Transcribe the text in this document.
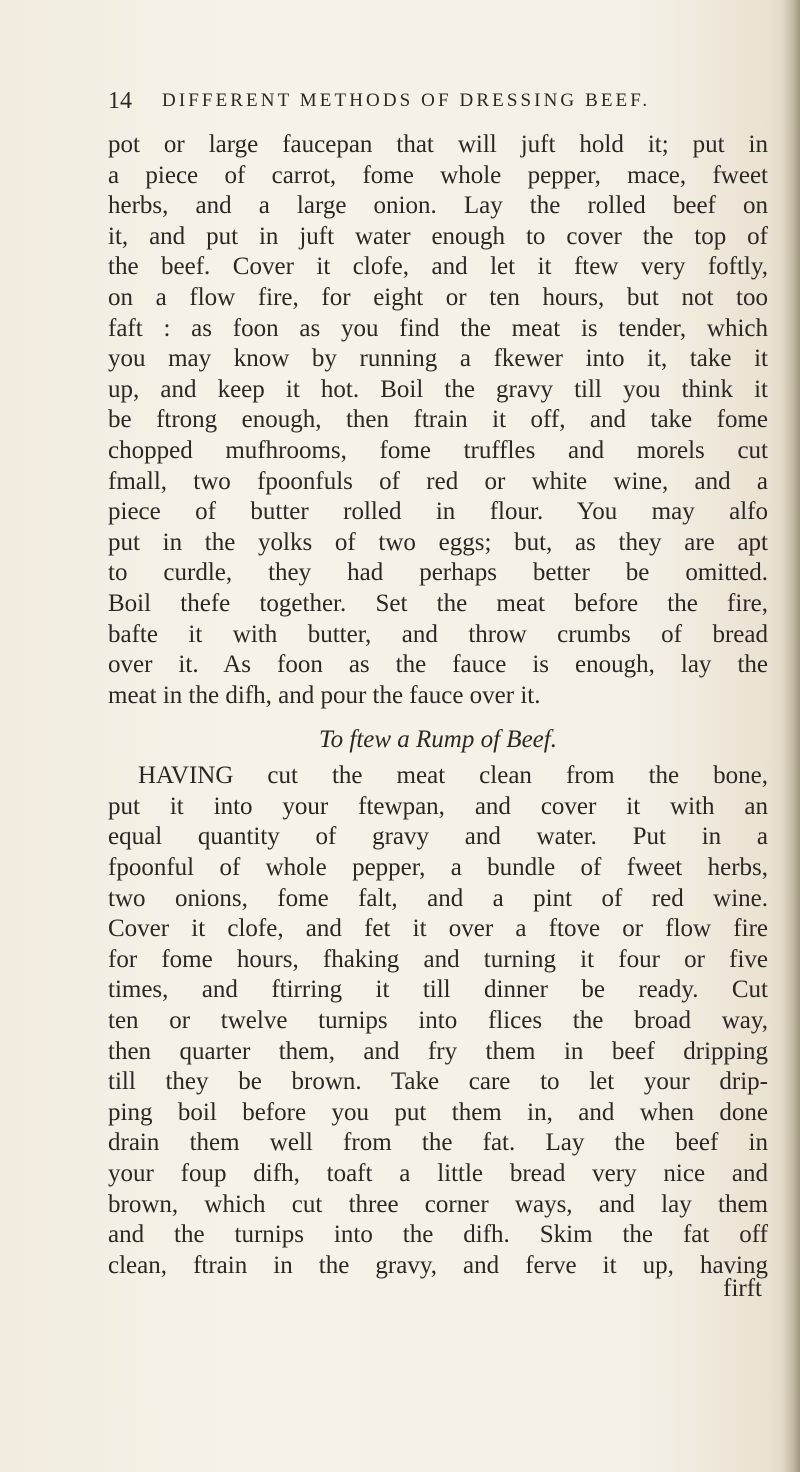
14 DIFFERENT METHODS OF DRESSING BEEF.
pot or large faucepan that will juft hold it; put in
a piece of carrot, fome whole pepper, mace, fweet
herbs, and a large onion. Lay the rolled beef on
it, and put in juft water enough to cover the top of
the beef. Cover it clofe, and let it ftew very foftly,
on a flow fire, for eight or ten hours, but not too
faft : as foon as you find the meat is tender, which
you may know by running a fkewer into it, take it
up, and keep it hot. Boil the gravy till you think it
be ftrong enough, then ftrain it off, and take fome
chopped mufhrooms, fome truffles and morels cut
fmall, two fpoonfuls of red or white wine, and a
piece of butter rolled in flour. You may alfo
put in the yolks of two eggs; but, as they are apt
to curdle, they had perhaps better be omitted.
Boil thefe together. Set the meat before the fire,
bafte it with butter, and throw crumbs of bread
over it. As foon as the fauce is enough, lay the
meat in the difh, and pour the fauce over it.
To ftew a Rump of Beef.
HAVING cut the meat clean from the bone,
put it into your ftewpan, and cover it with an
equal quantity of gravy and water. Put in a
fpoonful of whole pepper, a bundle of fweet herbs,
two onions, fome falt, and a pint of red wine.
Cover it clofe, and fet it over a ftove or flow fire
for fome hours, fhaking and turning it four or five
times, and ftirring it till dinner be ready. Cut
ten or twelve turnips into flices the broad way,
then quarter them, and fry them in beef dripping
till they be brown. Take care to let your drip-
ping boil before you put them in, and when done
drain them well from the fat. Lay the beef in
your foup difh, toaft a little bread very nice and
brown, which cut three corner ways, and lay them
and the turnips into the difh. Skim the fat off
clean, ftrain in the gravy, and ferve it up, having
firft
